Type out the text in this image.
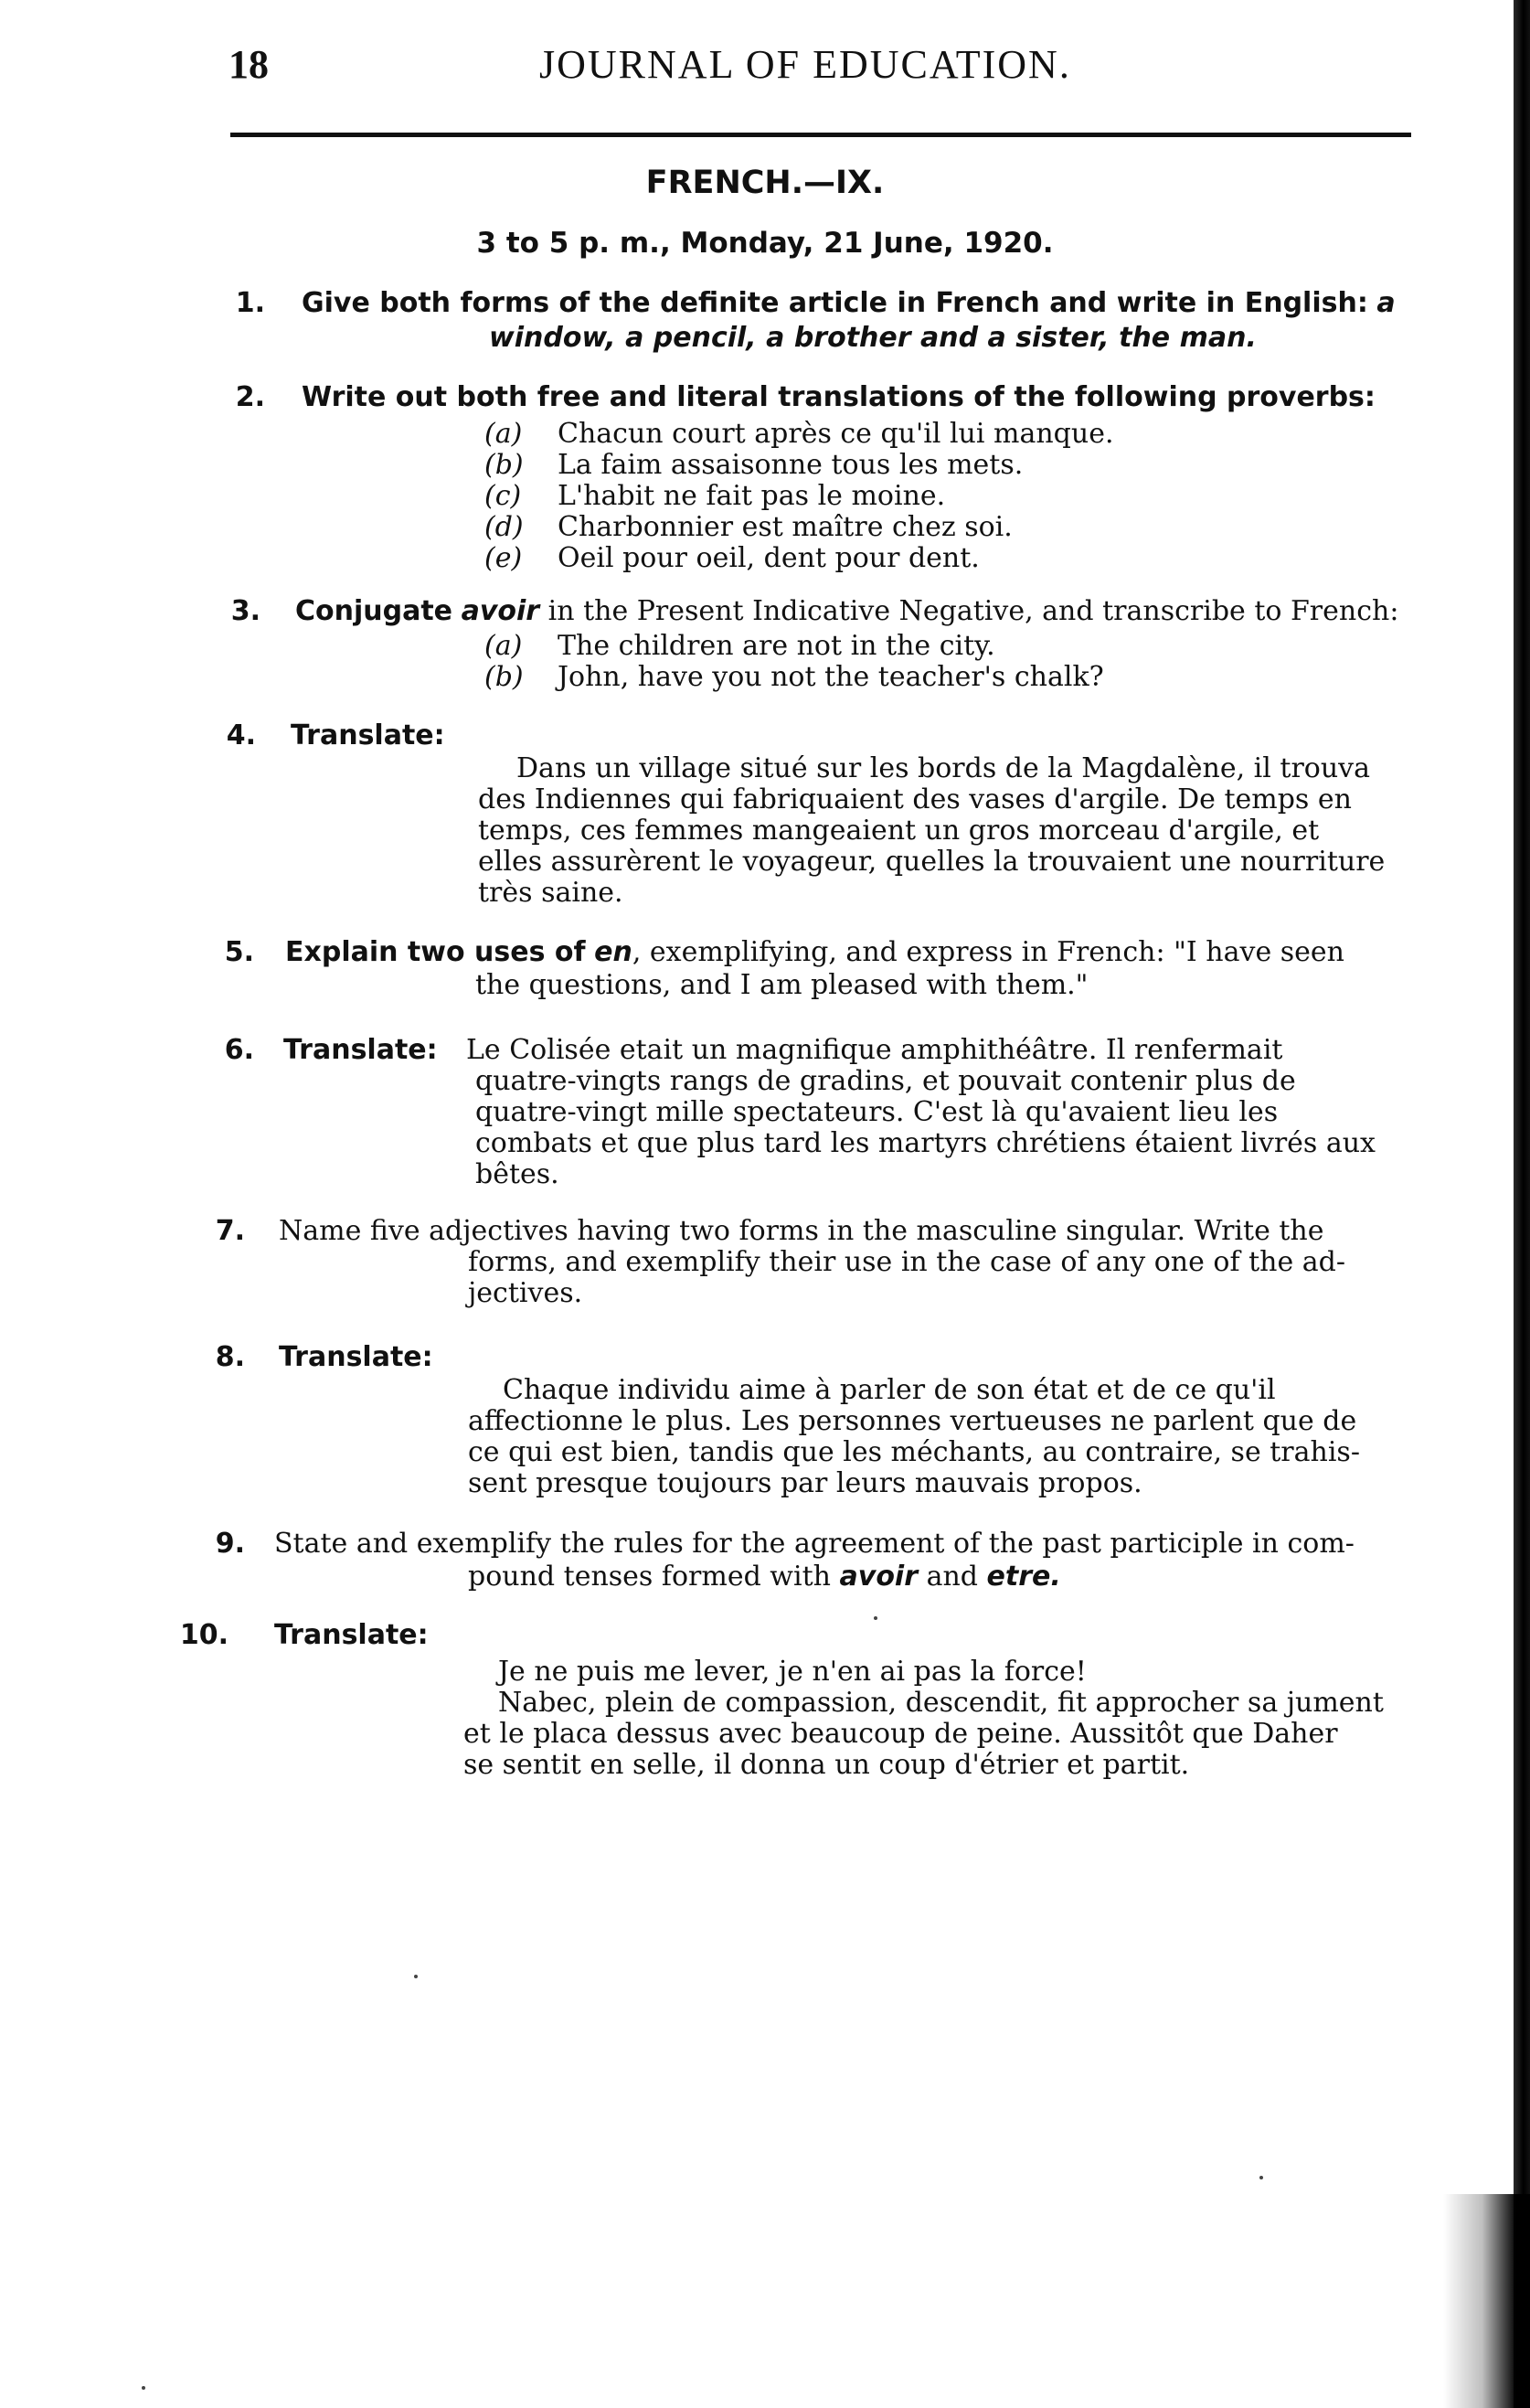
18	JOURNAL OF EDUCATION.
FRENCH.—IX.
3 to 5 p. m., Monday, 21 June, 1920.
1. Give both forms of the definite article in French and write in English: a
window, a pencil, a brother and a sister, the man.
2. Write out both free and literal translations of the following proverbs:
(a) Chacun court après ce qu'il lui manque.
(b) La faim assaisonne tous les mets.
(c) L'habit ne fait pas le moine.
(d) Charbonnier est maître chez soi.
(e) Oeil pour oeil, dent pour dent.
3. Conjugate avoir in the Present Indicative Negative, and transcribe to French:
(a) The children are not in the city.
(b) John, have you not the teacher's chalk?
4. Translate:
Dans un village situé sur les bords de la Magdalène, il trouva
des Indiennes qui fabriquaient des vases d'argile. De temps en
temps, ces femmes mangeaient un gros morceau d'argile, et
elles assurèrent le voyageur, quelles la trouvaient une nourriture
très saine.
5. Explain two uses of en, exemplifying, and express in French: "I have seen
the questions, and I am pleased with them."
6. Translate: Le Colisée etait un magnifique amphithéâtre. Il renfermait
quatre-vingts rangs de gradins, et pouvait contenir plus de
quatre-vingt mille spectateurs. C'est là qu'avaient lieu les
combats et que plus tard les martyrs chrétiens étaient livrés aux
bêtes.
7. Name five adjectives having two forms in the masculine singular. Write the
forms, and exemplify their use in the case of any one of the ad-
jectives.
8. Translate:
Chaque individu aime à parler de son état et de ce qu'il
affectionne le plus. Les personnes vertueuses ne parlent que de
ce qui est bien, tandis que les méchants, au contraire, se trahis-
sent presque toujours par leurs mauvais propos.
9. State and exemplify the rules for the agreement of the past participle in com-
pound tenses formed with avoir and etre.
10. Translate:
Je ne puis me lever, je n'en ai pas la force!
Nabec, plein de compassion, descendit, fit approcher sa jument
et le placa dessus avec beaucoup de peine. Aussitôt que Daher
se sentit en selle, il donna un coup d'étrier et partit.
